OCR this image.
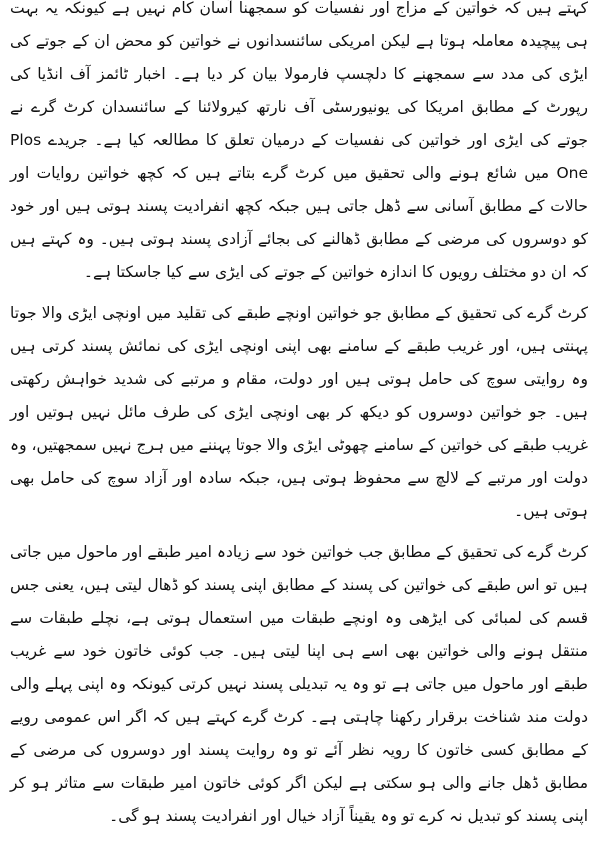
کہتے ہیں کہ خواتین کے مزاج اور نفسیات کو سمجھنا آسان کام نہیں ہے کیونکہ یہ بہت ہی پیچیدہ معاملہ ہوتا ہے لیکن امریکی سائنسدانوں نے خواتین کو محض ان کے جوتے کی ایڑی کی مدد سے سمجھنے کا دلچسپ فارمولا بیان کر دیا ہے۔ اخبار ٹائمز آف انڈیا کی رپورٹ کے مطابق امریکا کی یونیورسٹی آف نارتھ کیرولائنا کے سائنسدان کرٹ گرے نے جوتے کی ایڑی اور خواتین کی نفسیات کے درمیان تعلق کا مطالعہ کیا ہے۔ جریدے Plos One میں شائع ہونے والی تحقیق میں کرٹ گرے بتاتے ہیں کہ کچھ خواتین روایات اور حالات کے مطابق آسانی سے ڈھل جاتی ہیں جبکہ کچھ انفرادیت پسند ہوتی ہیں اور خود کو دوسروں کی مرضی کے مطابق ڈھالنے کی بجائے آزادی پسند ہوتی ہیں۔ وہ کہتے ہیں کہ ان دو مختلف رویوں کا اندازہ خواتین کے جوتے کی ایڑی سے کیا جاسکتا ہے۔

کرٹ گرے کی تحقیق کے مطابق جو خواتین اونچے طبقے کی تقلید میں اونچی ایڑی والا جوتا پہنتی ہیں، اور غریب طبقے کے سامنے بھی اپنی اونچی ایڑی کی نمائش پسند کرتی ہیں وہ روایتی سوچ کی حامل ہوتی ہیں اور دولت، مقام و مرتبے کی شدید خواہش رکھتی ہیں۔ جو خواتین دوسروں کو دیکھ کر بھی اونچی ایڑی کی طرف مائل نہیں ہوتیں اور غریب طبقے کی خواتین کے سامنے چھوٹی ایڑی والا جوتا پہننے میں ہرج نہیں سمجھتیں، وہ دولت اور مرتبے کے لالچ سے محفوظ ہوتی ہیں، جبکہ سادہ اور آزاد سوچ کی حامل بھی ہوتی ہیں۔

کرٹ گرے کی تحقیق کے مطابق جب خواتین خود سے زیادہ امیر طبقے اور ماحول میں جاتی ہیں تو اس طبقے کی خواتین کی پسند کے مطابق اپنی پسند کو ڈھال لیتی ہیں، یعنی جس قسم کی لمبائی کی ایڑھی وہ اونچے طبقات میں استعمال ہوتی ہے، نچلے طبقات سے منتقل ہونے والی خواتین بھی اسے ہی اپنا لیتی ہیں۔ جب کوئی خاتون خود سے غریب طبقے اور ماحول میں جاتی ہے تو وہ یہ تبدیلی پسند نہیں کرتی کیونکہ وہ اپنی پہلے والی دولت مند شناخت برقرار رکھنا چاہتی ہے۔ کرٹ گرے کہتے ہیں کہ اگر اس عمومی رویے کے مطابق کسی خاتون کا رویہ نظر آئے تو وہ روایت پسند اور دوسروں کی مرضی کے مطابق ڈھل جانے والی ہو سکتی ہے لیکن اگر کوئی خاتون امیر طبقات سے متاثر ہو کر اپنی پسند کو تبدیل نہ کرے تو وہ یقیناً آزاد خیال اور انفرادیت پسند ہو گی۔
